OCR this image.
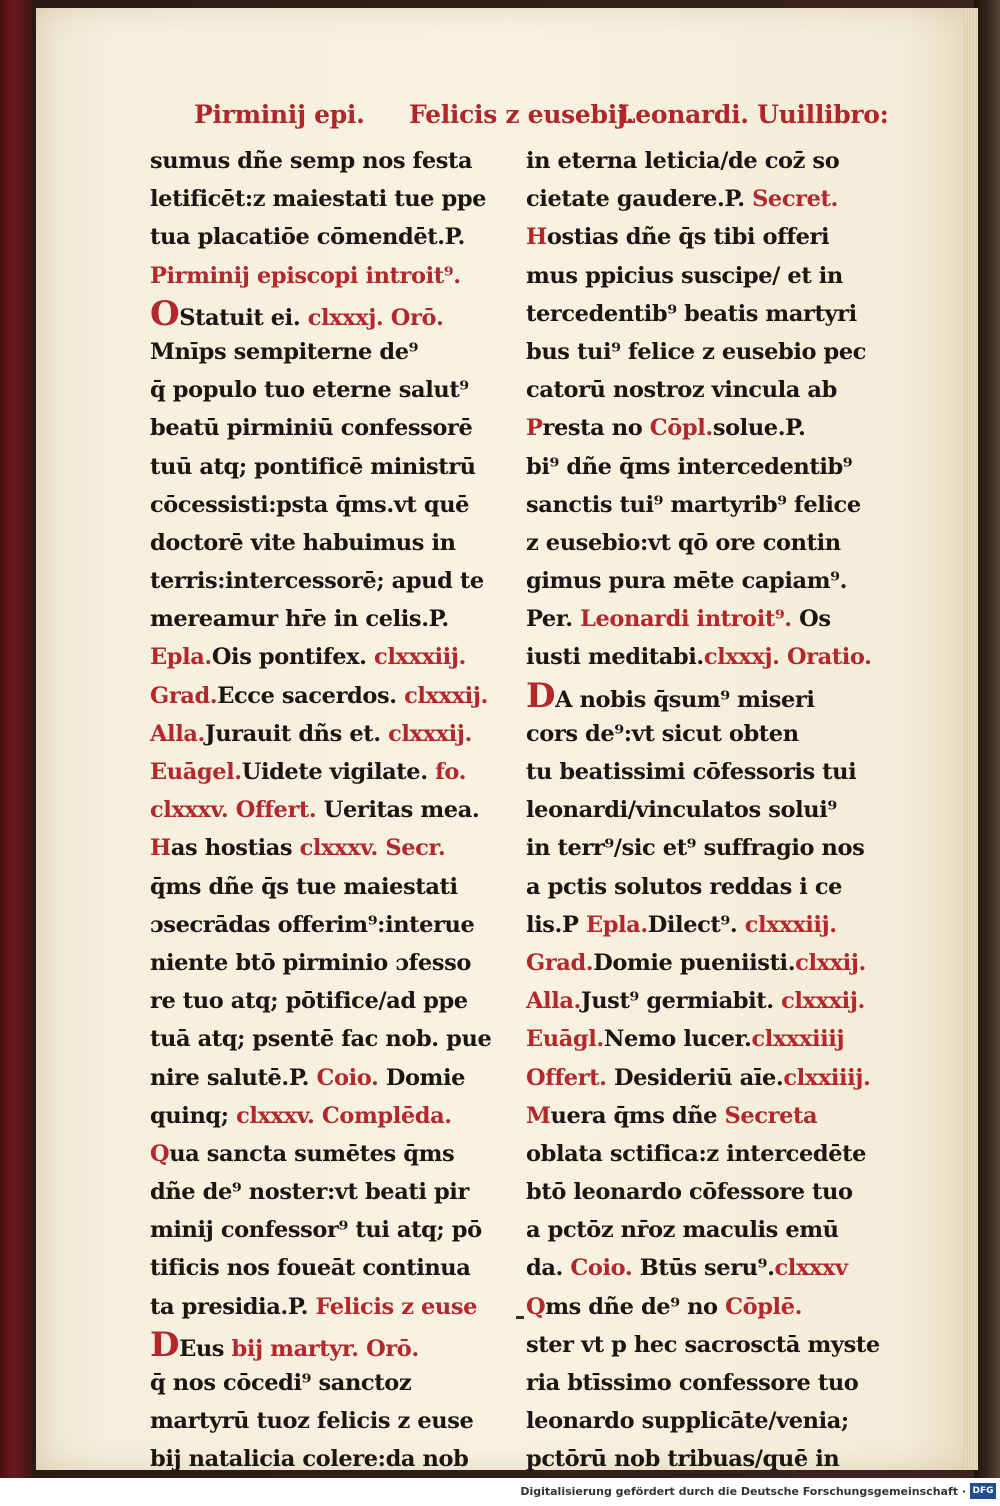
Pirminij epi. Felicis z eusebij.
Leonardi. Uuillibro:
sumus dñe semp nos festa
letificēt:z maiestati tue ppe
tua placatiōe cōmendēt.P.
Pirminij episcopi introit⁹.
OStatuit ei. clxxxj. Orō.
Mnīps sempiterne de⁹
q̄ populo tuo eterne salut⁹
beatū pirminiū confessorē
tuū atq; pontificē ministrū
cōcessisti:psta q̄ms.vt quē
doctorē vite habuimus in
terris:intercessorē; apud te
mereamur hr̄e in celis.P.
Epla.Ois pontifex. clxxxiij.
Grad.Ecce sacerdos. clxxxij.
Alla.Jurauit dñs et. clxxxij.
Euāgel.Uidete vigilate. fo.
clxxxv. Offert. Ueritas mea.
Has hostias clxxxv. Secr.
q̄ms dñe q̄s tue maiestati
ɔsecrādas offerim⁹:interue
niente btō pirminio ɔfesso
re tuo atq; pōtifice/ad ppe
tuā atq; psentē fac nob. pue
nire salutē.P. Coio. Domie
quinq; clxxxv. Complēda.
Qua sancta sumētes q̄ms
dñe de⁹ noster:vt beati pir
minij confessor⁹ tui atq; pō
tificis nos foueāt continua
ta presidia.P. Felicis z euse
DEus bij martyr. Orō.
q̄ nos cōcedi⁹ sanctoz
martyrū tuoz felicis z euse
bij natalicia colere:da nob
in eterna leticia/de coz̄ so
cietate gaudere.P. Secret.
Hostias dñe q̄s tibi offeri
mus ppicius suscipe/ et in
tercedentib⁹ beatis martyri
bus tui⁹ felice z eusebio pec
catorū nostroz vincula ab
Presta no Cōpl.solue.P.
bi⁹ dñe q̄ms intercedentib⁹
sanctis tui⁹ martyrib⁹ felice
z eusebio:vt qō ore contin
gimus pura mēte capiam⁹.
Per. Leonardi introit⁹. Os
iusti meditabi.clxxxj. Oratio.
DA nobis q̄sum⁹ miseri
cors de⁹:vt sicut obten
tu beatissimi cōfessoris tui
leonardi/vinculatos solui⁹
in terr⁹/sic et⁹ suffragio nos
a pctis solutos reddas i ce
lis.P Epla.Dilect⁹. clxxxiij.
Grad.Domie pueniisti.clxxij.
Alla.Just⁹ germiabit. clxxxij.
Euāgl.Nemo lucer.clxxxiiij
Offert. Desideriū aīe.clxxiiij.
Muera q̄ms dñe Secreta
oblata sctifica:z intercedēte
btō leonardo cōfessore tuo
a pctōz nr̄oz maculis emū
da. Coio. Btūs seru⁹.clxxxv
Qms dñe de⁹ no Cōplē.
ster vt p hec sacrosctā myste
ria btīssimo confessore tuo
leonardo supplicāte/venia;
pctōrū nob tribuas/quē in
Digitalisierung gefördert durch die Deutsche Forschungsgemeinschaft · DFG
